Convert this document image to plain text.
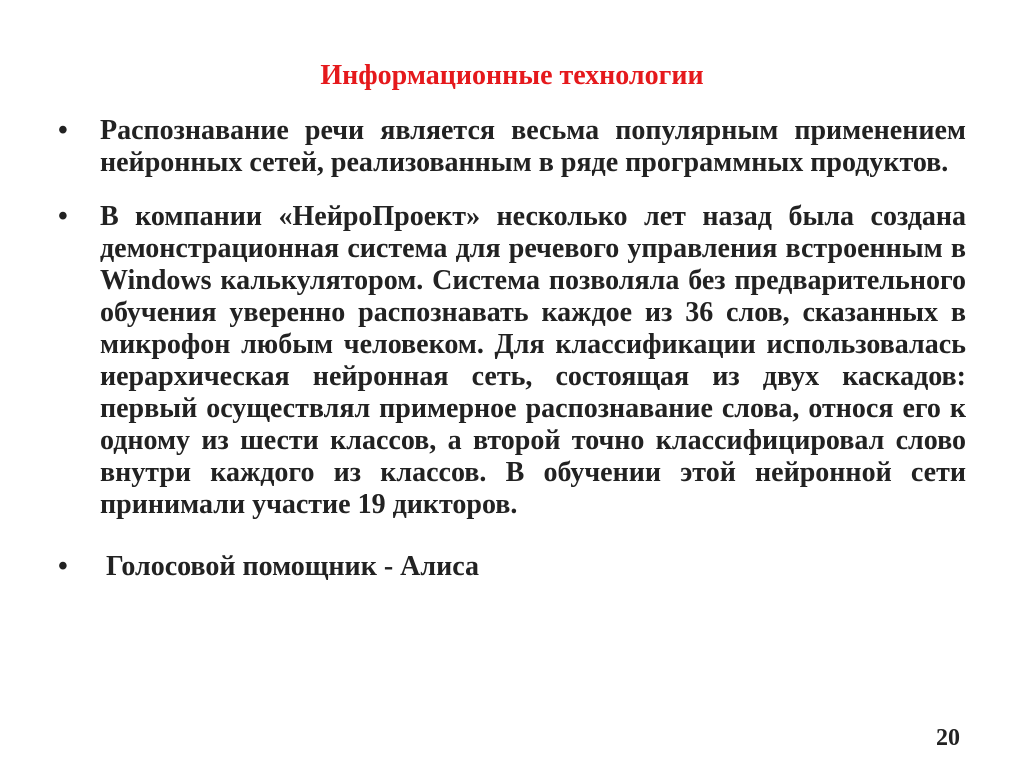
Информационные технологии
•	Распознавание речи является весьма популярным применением нейронных сетей, реализованным в ряде программных продуктов.
•	В компании «НейроПроект» несколько лет назад была создана демонстрационная система для речевого управления встроенным в Windows калькулятором. Система позволяла без предварительного обучения уверенно распознавать каждое из 36 слов, сказанных в микрофон любым человеком. Для классификации использовалась иерархическая нейронная сеть, состоящая из двух каскадов: первый осуществлял примерное распознавание слова, относя его к одному из шести классов, а второй точно классифицировал слово внутри каждого из классов. В обучении этой нейронной сети принимали участие 19 дикторов.
•	Голосовой помощник - Алиса
20
